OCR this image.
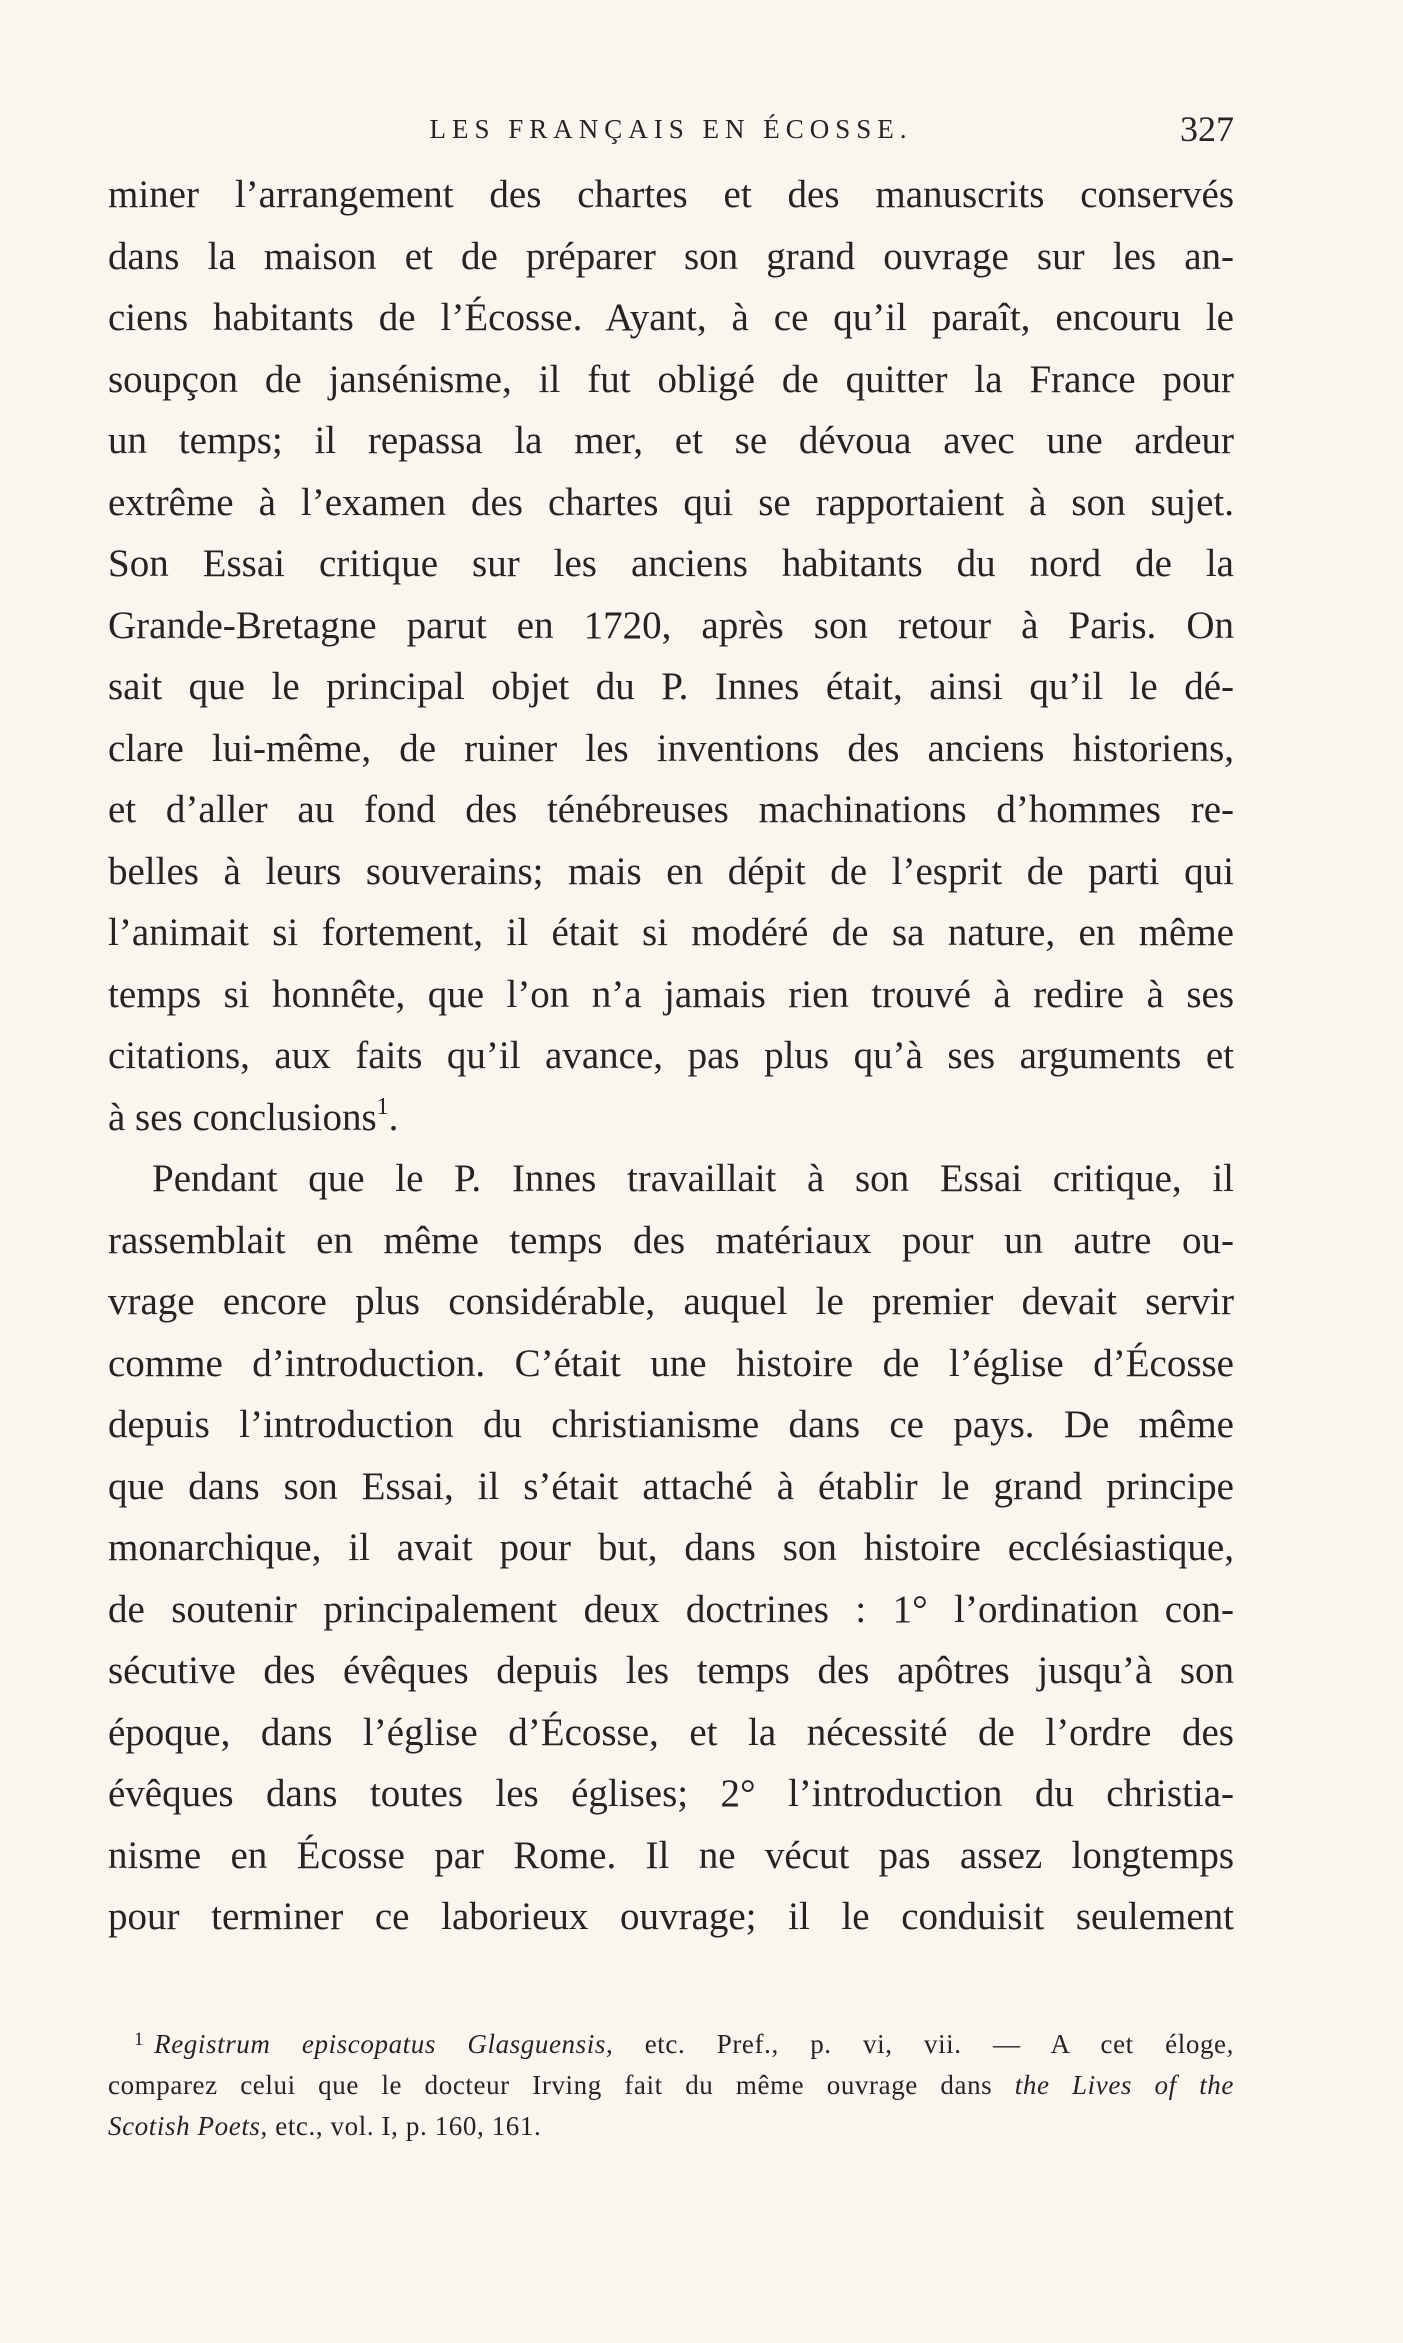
LES FRANÇAIS EN ÉCOSSE.	327
miner l’arrangement des chartes et des manuscrits conservés
dans la maison et de préparer son grand ouvrage sur les an-
ciens habitants de l’Écosse. Ayant, à ce qu’il paraît, encouru le
soupçon de jansénisme, il fut obligé de quitter la France pour
un temps; il repassa la mer, et se dévoua avec une ardeur
extrême à l’examen des chartes qui se rapportaient à son sujet.
Son Essai critique sur les anciens habitants du nord de la
Grande-Bretagne parut en 1720, après son retour à Paris. On
sait que le principal objet du P. Innes était, ainsi qu’il le dé-
clare lui-même, de ruiner les inventions des anciens historiens,
et d’aller au fond des ténébreuses machinations d’hommes re-
belles à leurs souverains; mais en dépit de l’esprit de parti qui
l’animait si fortement, il était si modéré de sa nature, en même
temps si honnête, que l’on n’a jamais rien trouvé à redire à ses
citations, aux faits qu’il avance, pas plus qu’à ses arguments et
à ses conclusions$^1$.
Pendant que le P. Innes travaillait à son Essai critique, il
rassemblait en même temps des matériaux pour un autre ou-
vrage encore plus considérable, auquel le premier devait servir
comme d’introduction. C’était une histoire de l’église d’Écosse
depuis l’introduction du christianisme dans ce pays. De même
que dans son Essai, il s’était attaché à établir le grand principe
monarchique, il avait pour but, dans son histoire ecclésiastique,
de soutenir principalement deux doctrines : 1° l’ordination con-
sécutive des évêques depuis les temps des apôtres jusqu’à son
époque, dans l’église d’Écosse, et la nécessité de l’ordre des
évêques dans toutes les églises; 2° l’introduction du christia-
nisme en Écosse par Rome. Il ne vécut pas assez longtemps
pour terminer ce laborieux ouvrage; il le conduisit seulement
$^1$ Registrum episcopatus Glasguensis, etc. Pref., p. vi, vii. — A cet éloge,
comparez celui que le docteur Irving fait du même ouvrage dans the Lives of the
Scotish Poets, etc., vol. I, p. 160, 161.
